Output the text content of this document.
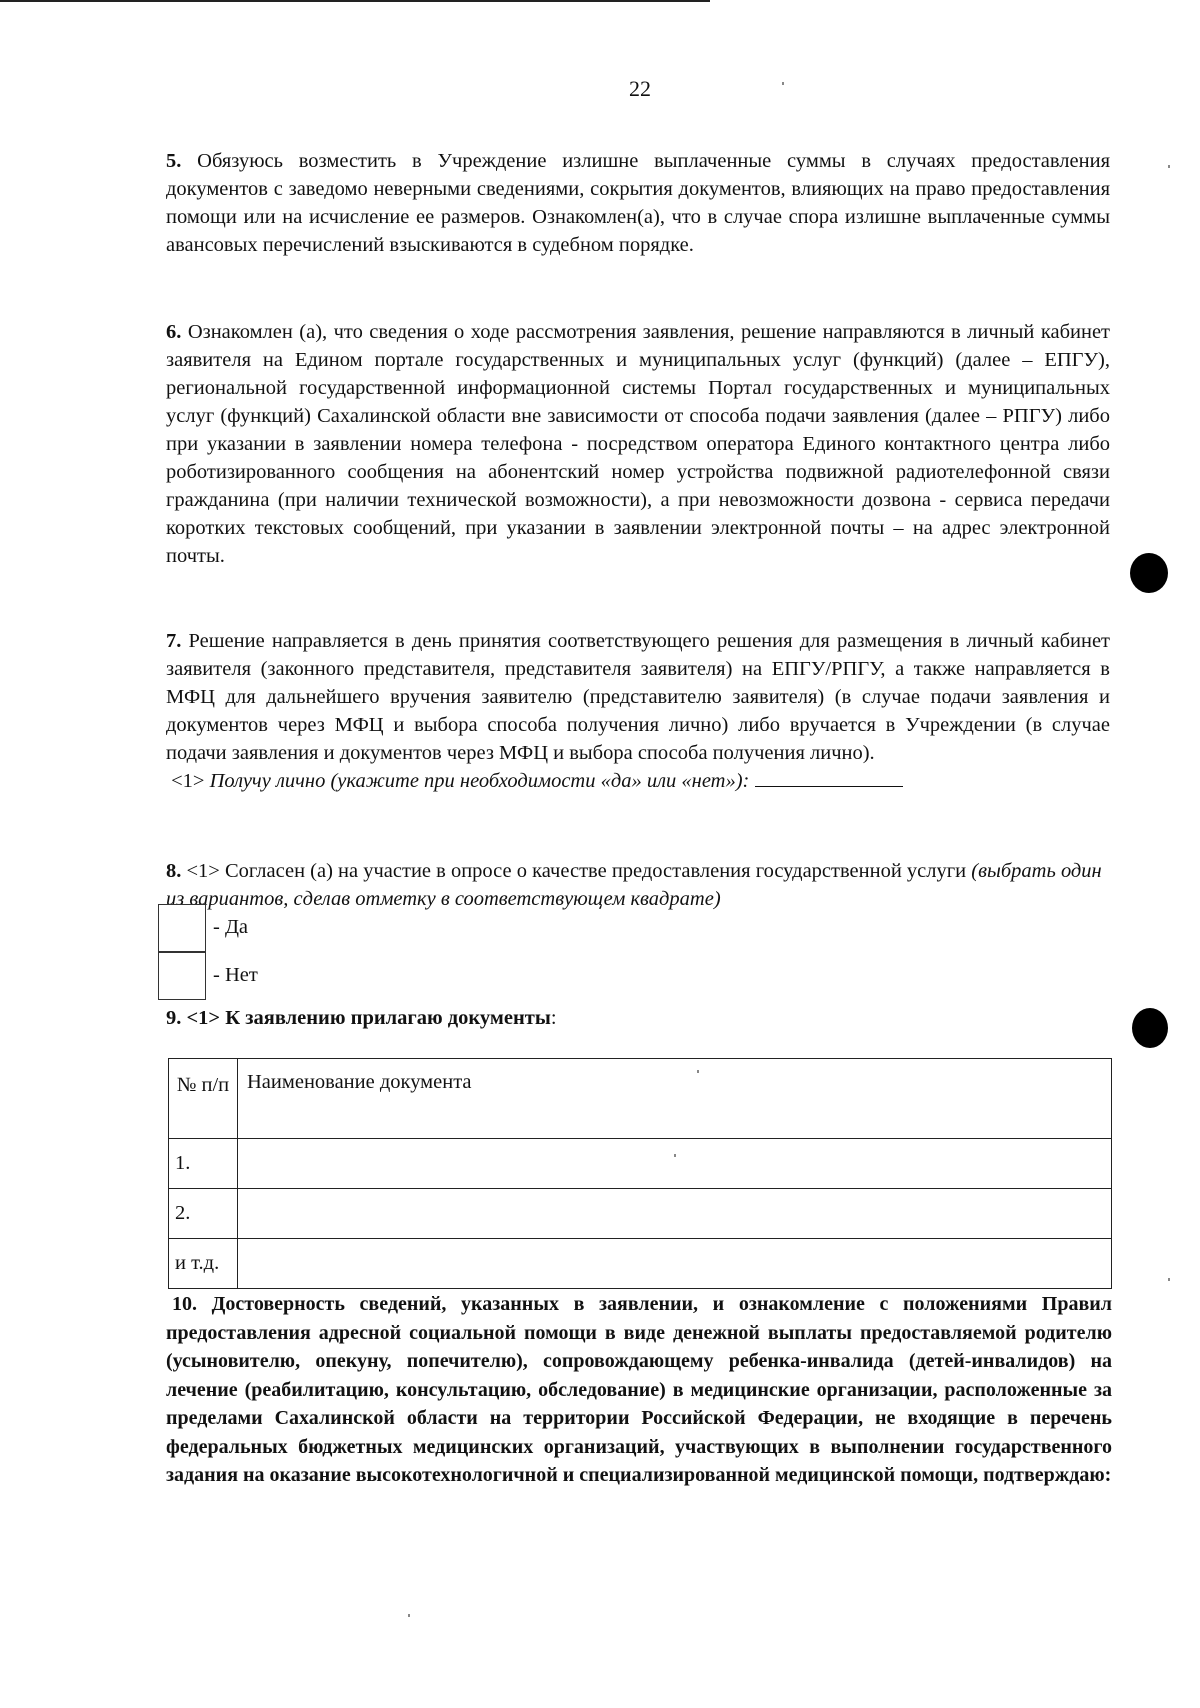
22

5. Обязуюсь возместить в Учреждение излишне выплаченные суммы в случаях предоставления документов с заведомо неверными сведениями, сокрытия документов, влияющих на право предоставления помощи или на исчисление ее размеров. Ознакомлен(а), что в случае спора излишне выплаченные суммы авансовых перечислений взыскиваются в судебном порядке.

6. Ознакомлен (а), что сведения о ходе рассмотрения заявления, решение направляются в личный кабинет заявителя на Едином портале государственных и муниципальных услуг (функций) (далее – ЕПГУ), региональной государственной информационной системы Портал государственных и муниципальных услуг (функций) Сахалинской области вне зависимости от способа подачи заявления (далее – РПГУ) либо при указании в заявлении номера телефона - посредством оператора Единого контактного центра либо роботизированного сообщения на абонентский номер устройства подвижной радиотелефонной связи гражданина (при наличии технической возможности), а при невозможности дозвона - сервиса передачи коротких текстовых сообщений, при указании в заявлении электронной почты – на адрес электронной почты.

7. Решение направляется в день принятия соответствующего решения для размещения в личный кабинет заявителя (законного представителя, представителя заявителя) на ЕПГУ/РПГУ, а также направляется в МФЦ для дальнейшего вручения заявителю (представителю заявителя) (в случае подачи заявления и документов через МФЦ и выбора способа получения лично) либо вручается в Учреждении (в случае подачи заявления и документов через МФЦ и выбора способа получения лично).
<1> Получу лично (укажите при необходимости «да» или «нет»):

8. <1> Согласен (а) на участие в опросе о качестве предоставления государственной услуги (выбрать один из вариантов, сделав отметку в соответствующем квадрате)

- Да
- Нет
9. <1> К заявлению прилагаю документы:
№ п/п	Наименование документа
1.	
2.	
и т.д.	

10. Достоверность сведений, указанных в заявлении, и ознакомление с положениями Правил предоставления адресной социальной помощи в виде денежной выплаты предоставляемой родителю (усыновителю, опекуну, попечителю), сопровождающему ребенка-инвалида (детей-инвалидов) на лечение (реабилитацию, консультацию, обследование) в медицинские организации, расположенные за пределами Сахалинской области на территории Российской Федерации, не входящие в перечень федеральных бюджетных медицинских организаций, участвующих в выполнении государственного задания на оказание высокотехнологичной и специализированной медицинской помощи, подтверждаю:
